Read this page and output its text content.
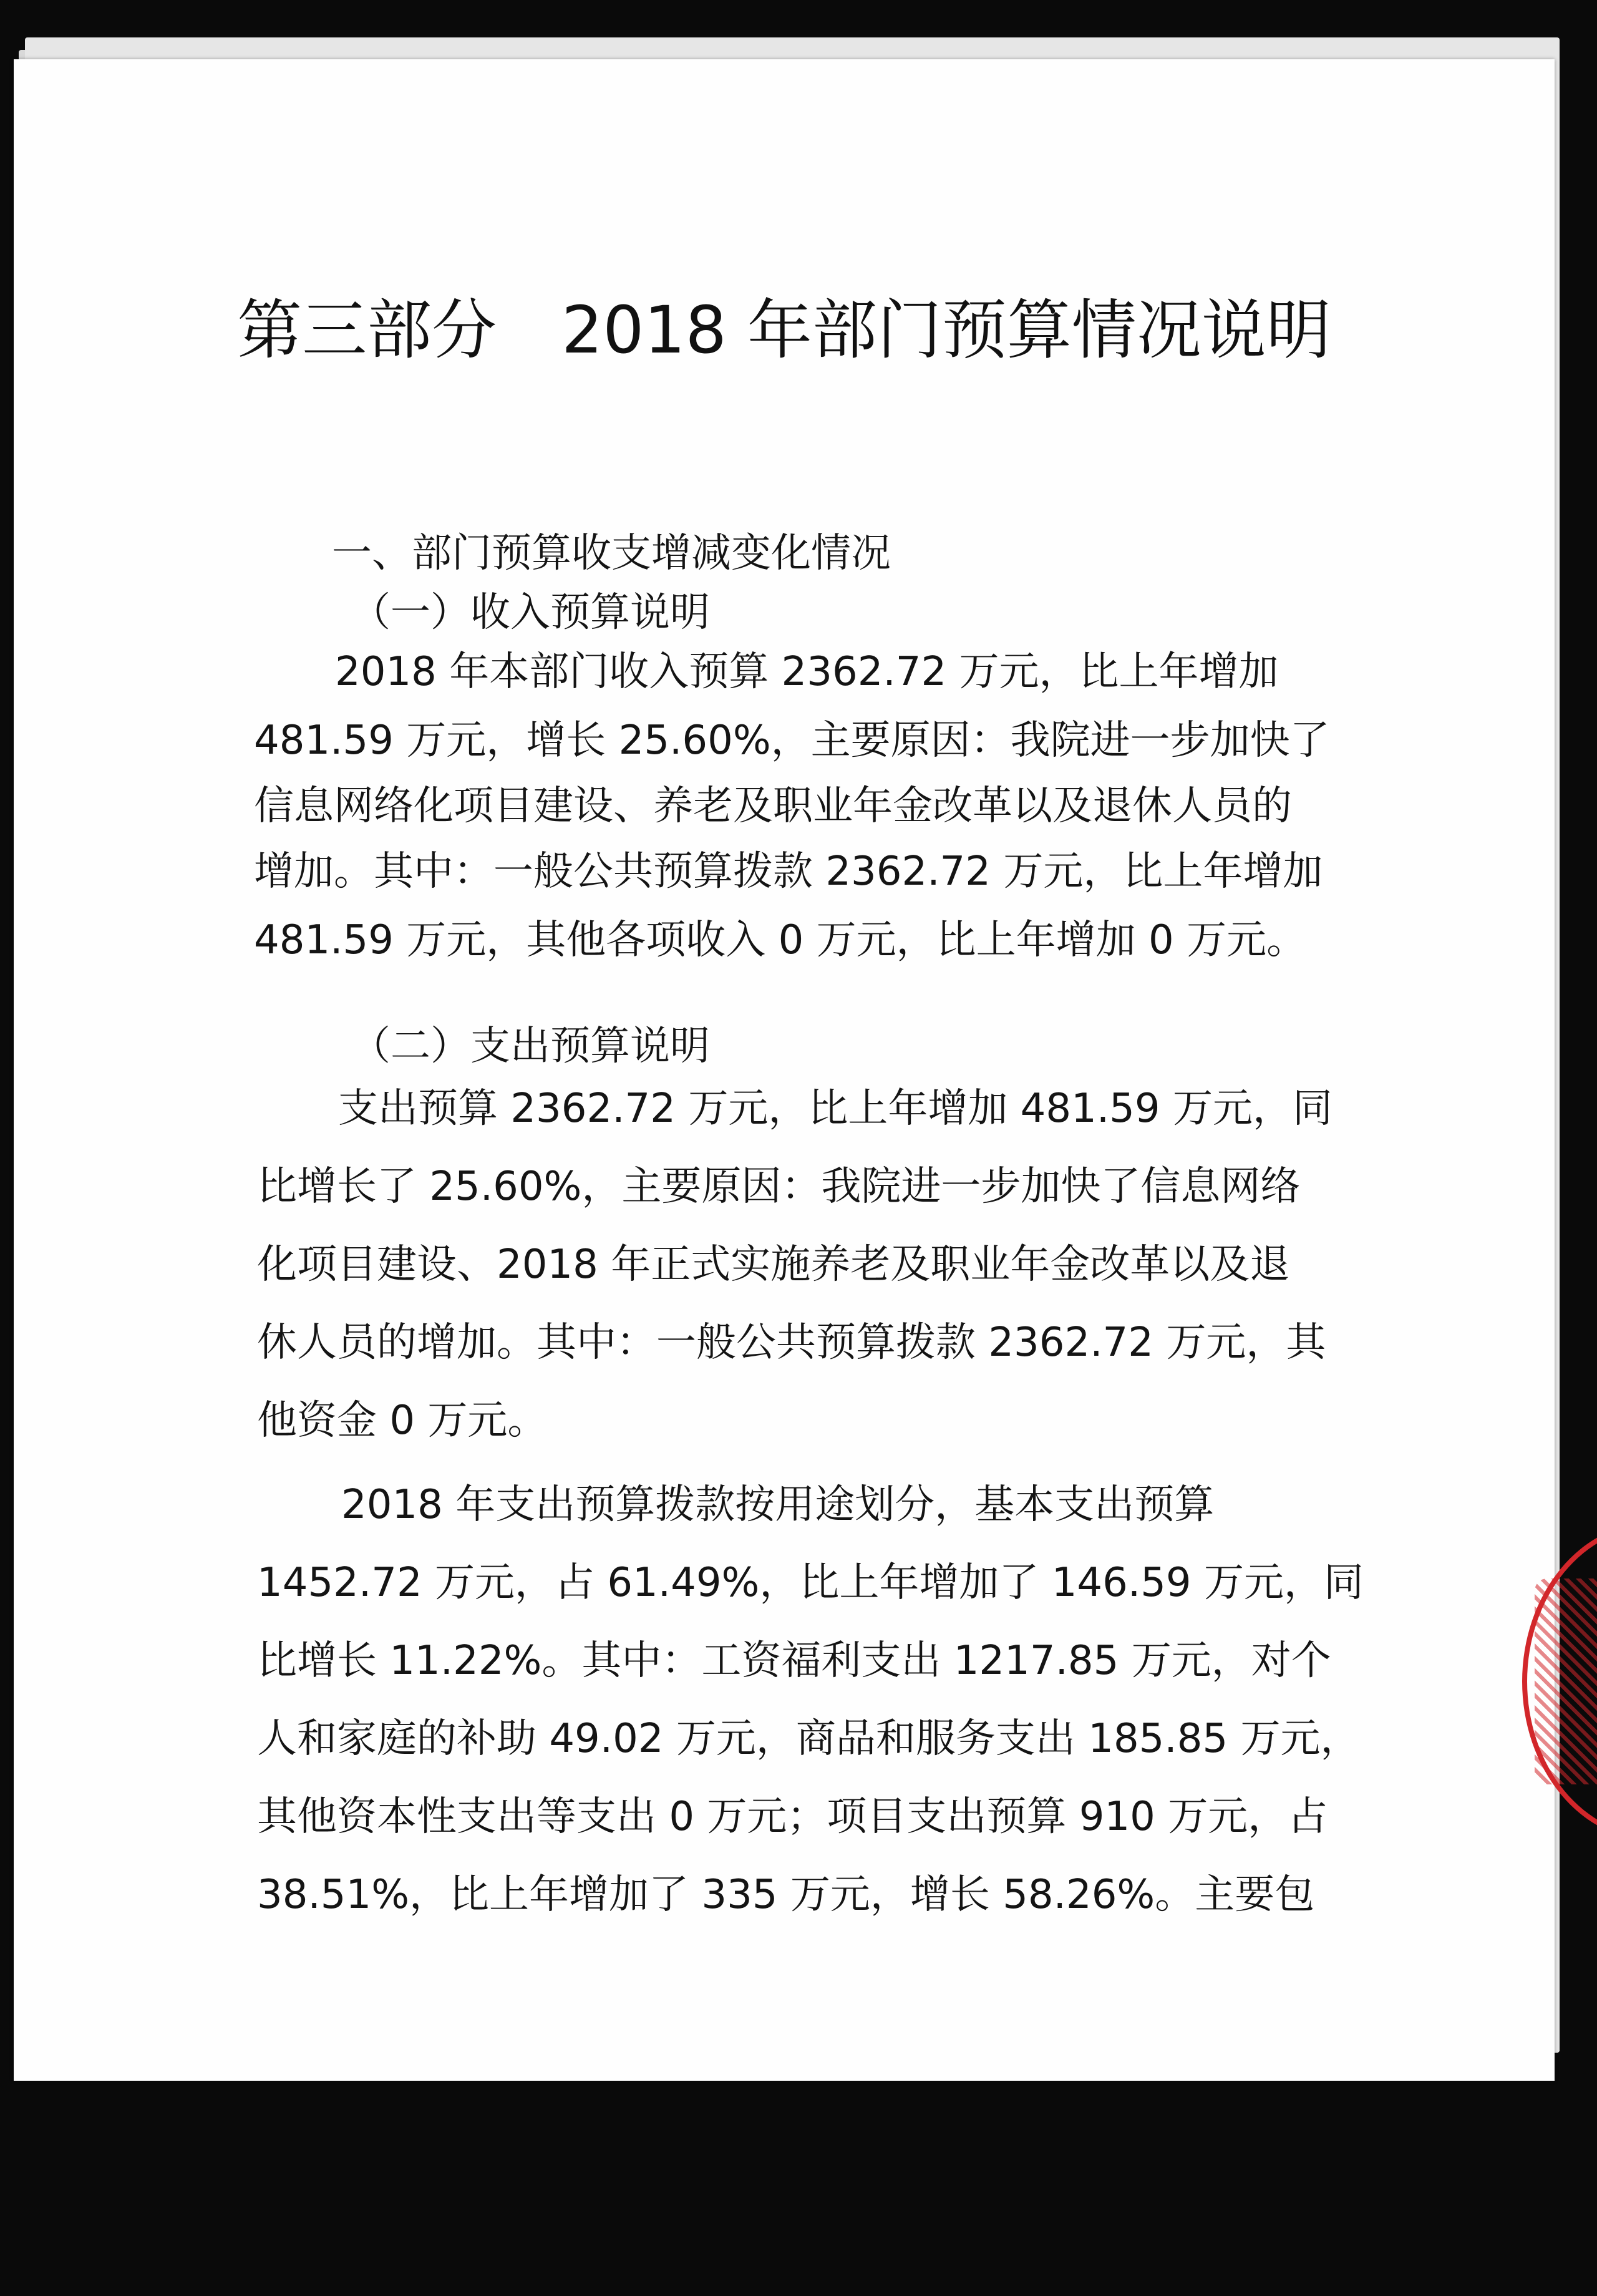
第三部分　2018 年部门预算情况说明
一、部门预算收支增减变化情况
（一）收入预算说明
2018 年本部门收入预算 2362.72 万元，比上年增加
481.59 万元，增长 25.60%，主要原因：我院进一步加快了
信息网络化项目建设、养老及职业年金改革以及退休人员的
增加。其中：一般公共预算拨款 2362.72 万元，比上年增加
481.59 万元，其他各项收入 0 万元，比上年增加 0 万元。
（二）支出预算说明
支出预算 2362.72 万元，比上年增加 481.59 万元，同
比增长了 25.60%，主要原因：我院进一步加快了信息网络
化项目建设、2018 年正式实施养老及职业年金改革以及退
休人员的增加。其中：一般公共预算拨款 2362.72 万元，其
他资金 0 万元。
2018 年支出预算拨款按用途划分，基本支出预算
1452.72 万元，占 61.49%，比上年增加了 146.59 万元，同
比增长 11.22%。其中：工资福利支出 1217.85 万元，对个
人和家庭的补助 49.02 万元，商品和服务支出 185.85 万元，
其他资本性支出等支出 0 万元；项目支出预算 910 万元，占
38.51%，比上年增加了 335 万元，增长 58.26%。主要包
